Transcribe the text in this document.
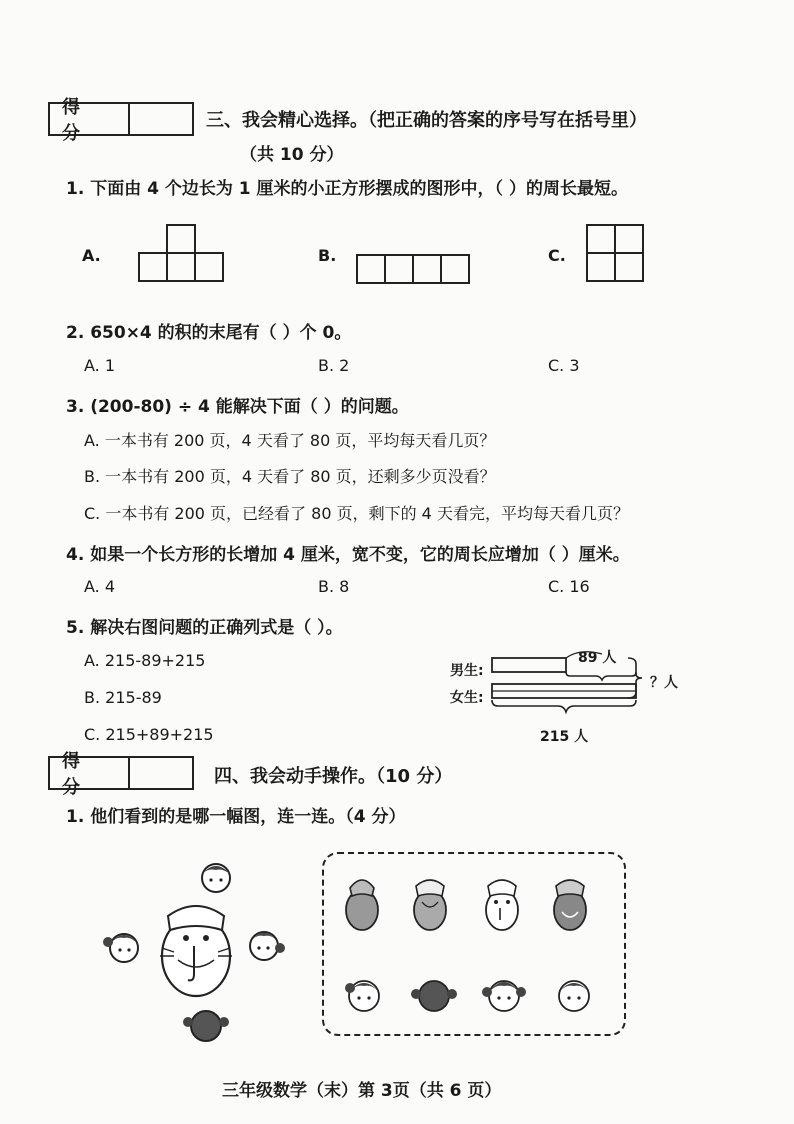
得 分
三、我会精心选择。（把正确的答案的序号写在括号里）
（共 10 分）
1. 下面由 4 个边长为 1 厘米的小正方形摆成的图形中，（ ）的周长最短。
A.	B.	C.
2. 650×4 的积的末尾有（ ）个 0。
A. 1	B. 2	C. 3
3. (200-80) ÷ 4 能解决下面（ ）的问题。
A. 一本书有 200 页，4 天看了 80 页，平均每天看几页？
B. 一本书有 200 页，4 天看了 80 页，还剩多少页没看？
C. 一本书有 200 页，已经看了 80 页，剩下的 4 天看完，平均每天看几页？
4. 如果一个长方形的长增加 4 厘米，宽不变，它的周长应增加（ ）厘米。
A. 4	B. 8	C. 16
5. 解决右图问题的正确列式是（ ）。
A. 215-89+215
B. 215-89
C. 215+89+215
男生:
女生:
89 人
？人
215 人
得 分
四、我会动手操作。（10 分）
1. 他们看到的是哪一幅图，连一连。（4 分）
三年级数学（末）第 3页（共 6 页）
